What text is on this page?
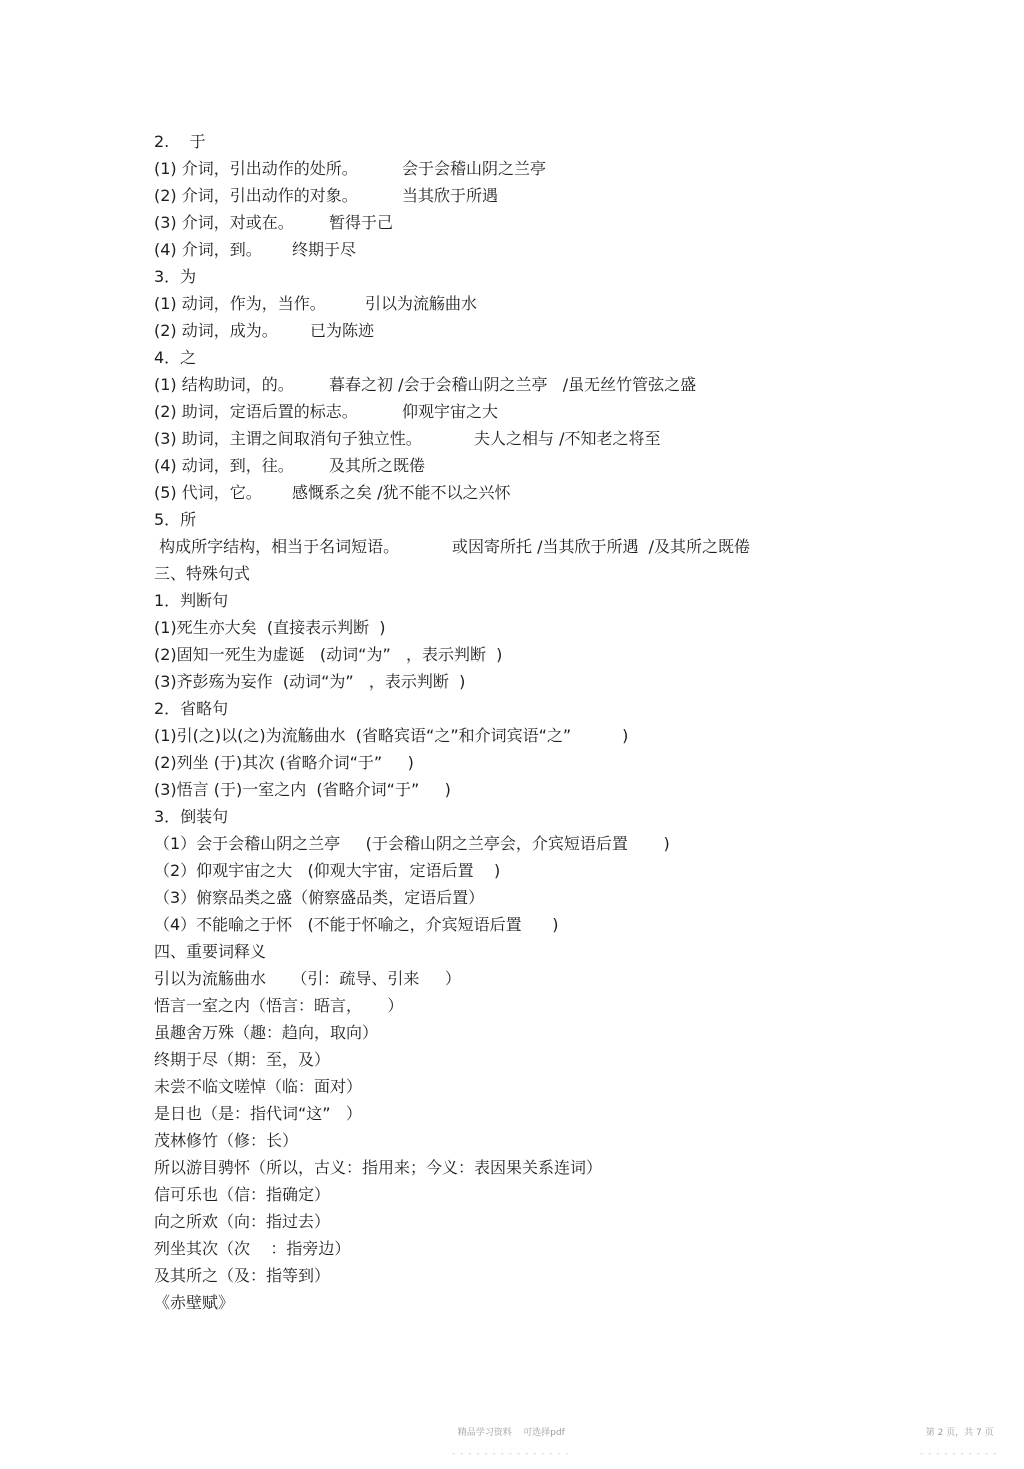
2.    于
(1) 介词，引出动作的处所。	会于会稽山阴之兰亭
(2) 介词，引出动作的对象。	当其欣于所遇
(3) 介词，对或在。 暂得于己
(4) 介词，到。 终期于尽
3．为
(1) 动词，作为，当作。 引以为流觞曲水
(2) 动词，成为。 已为陈迹
4．之
(1) 结构助词，的。 暮春之初 /会于会稽山阴之兰亭   /虽无丝竹管弦之盛
(2) 助词，定语后置的标志。	仰观宇宙之大
(3) 助词，主谓之间取消句子独立性。	夫人之相与 /不知老之将至
(4) 动词，到，往。 及其所之既倦
(5) 代词，它。 感慨系之矣 /犹不能不以之兴怀
5．所
构成所字结构，相当于名词短语。	或因寄所托 /当其欣于所遇  /及其所之既倦
三、特殊句式
1．判断句
(1)死生亦大矣  (直接表示判断  )
(2)固知一死生为虚诞   (动词“为”   ，表示判断  )
(3)齐彭殇为妄作  (动词“为”   ，表示判断  )
2．省略句
(1)引(之)以(之)为流觞曲水  (省略宾语“之”和介词宾语“之”          )
(2)列坐 (于)其次 (省略介词“于”     )
(3)悟言 (于)一室之内  (省略介词“于”     )
3．倒装句
（1）会于会稽山阴之兰亭     (于会稽山阴之兰亭会，介宾短语后置       )
（2）仰观宇宙之大   (仰观大宇宙，定语后置    )
（3）俯察品类之盛（俯察盛品类，定语后置）
（4）不能喻之于怀   (不能于怀喻之，介宾短语后置      )
四、重要词释义
引以为流觞曲水     （引：疏导、引来     ）
悟言一室之内（悟言：晤言，     ）
虽趣舍万殊（趣：趋向，取向）
终期于尽（期：至，及）
未尝不临文嗟悼（临：面对）
是日也（是：指代词“这”   ）
茂林修竹（修：长）
所以游目骋怀（所以，古义：指用来；今义：表因果关系连词）
信可乐也（信：指确定）
向之所欢（向：指过去）
列坐其次（次    ：指旁边）
及其所之（及：指等到）
《赤壁赋》

精品学习资料    可选择pdf

- - - - - - - - - - - - - - -

第 2 页，共 7 页

- - - - - - - - - -
